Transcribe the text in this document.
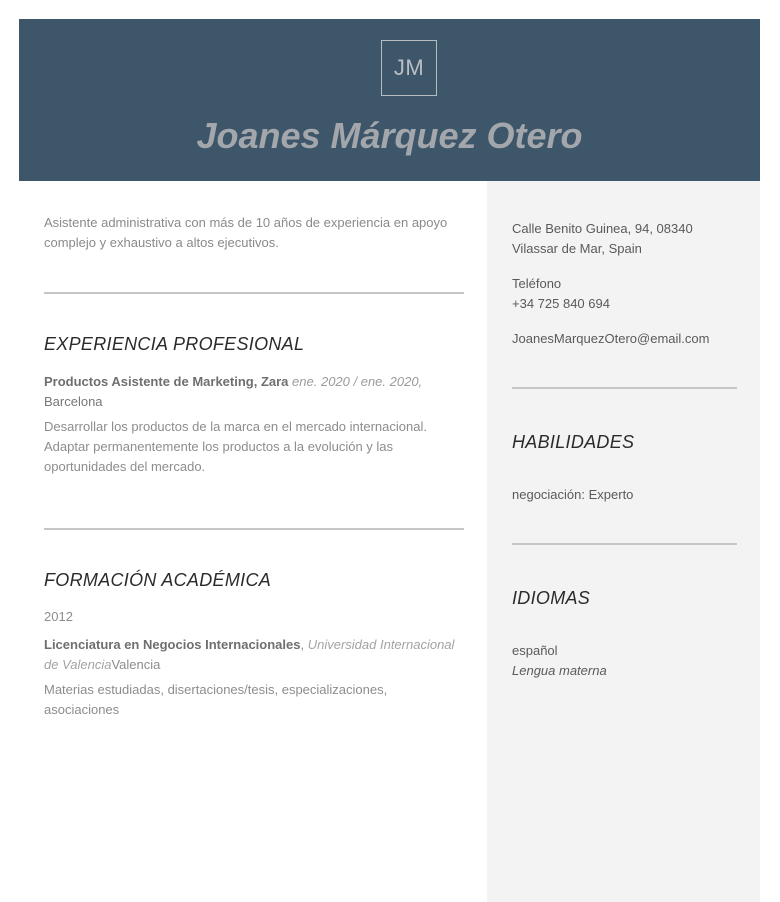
JM
Joanes Márquez Otero
Asistente administrativa con más de 10 años de experiencia en apoyo complejo y exhaustivo a altos ejecutivos.
EXPERIENCIA PROFESIONAL
Productos Asistente de Marketing, Zara ene. 2020 / ene. 2020,
Barcelona
Desarrollar los productos de la marca en el mercado internacional. Adaptar permanentemente los productos a la evolución y las oportunidades del mercado.
FORMACIÓN ACADÉMICA
2012
Licenciatura en Negocios Internacionales, Universidad Internacional de ValenciaValencia
Materias estudiadas, disertaciones/tesis, especializaciones, asociaciones
Calle Benito Guinea, 94, 08340
Vilassar de Mar, Spain
Teléfono
+34 725 840 694
JoanesMarquezOtero@email.com
HABILIDADES
negociación: Experto
IDIOMAS
español
Lengua materna
